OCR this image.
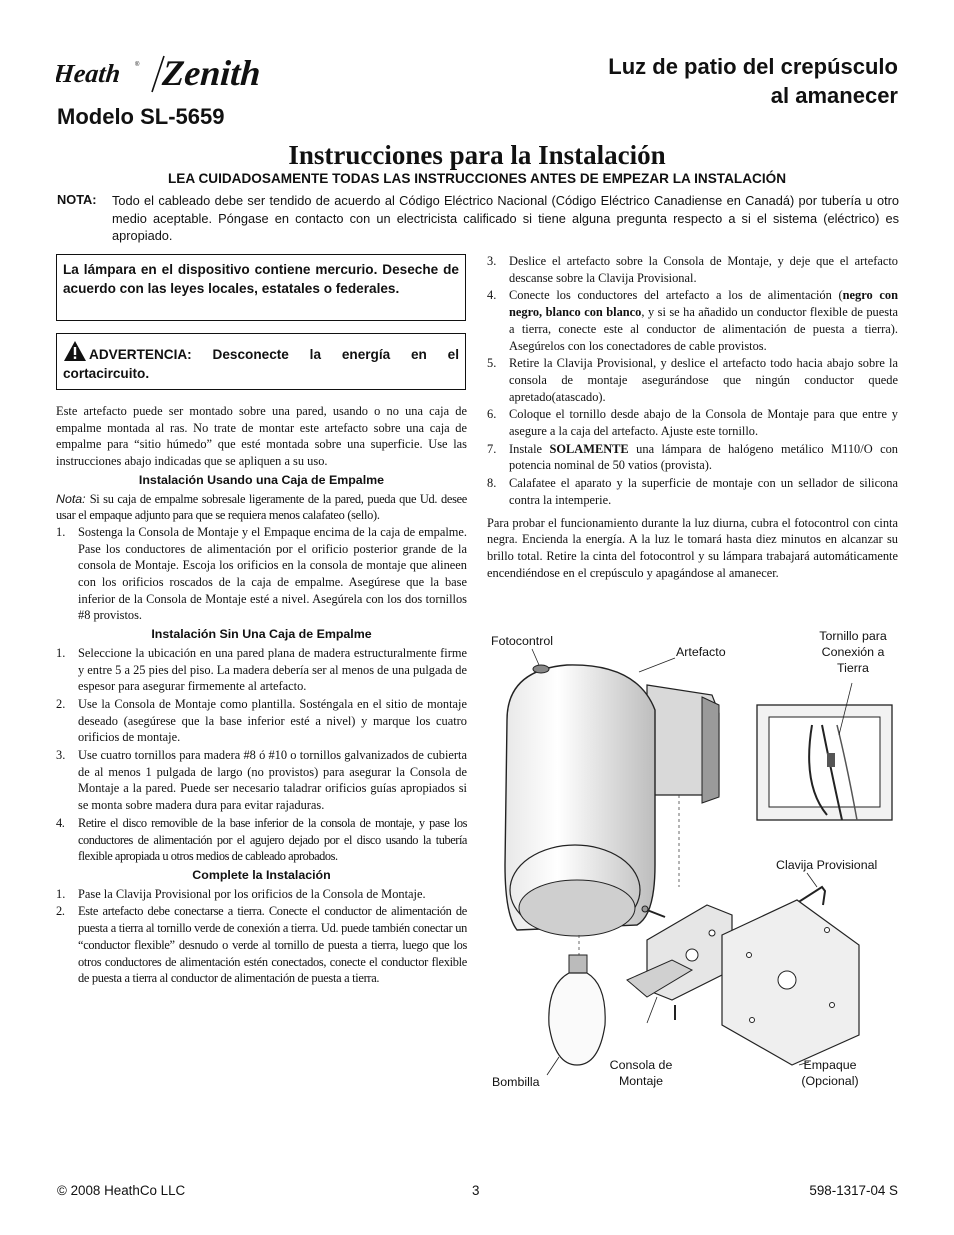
Heath ® Zenith
Modelo SL-5659
Luz de patio del crepúsculo
al amanecer
Instrucciones para la Instalación
LEA CUIDADOSAMENTE TODAS LAS INSTRUCCIONES ANTES DE EMPEZAR LA INSTALACIÓN
NOTA: Todo el cableado debe ser tendido de acuerdo al Código Eléctrico Nacional (Código Eléctrico Canadiense en Canadá) por tubería u otro medio aceptable. Póngase en contacto con un electricista calificado si tiene alguna pregunta respecto a si el sistema (eléctrico) es apropiado.
La lámpara en el dispositivo contiene mercurio. Deseche de acuerdo con las leyes locales, estatales o federales.
ADVERTENCIA: Desconecte la energía en el cortacircuito.

Este artefacto puede ser montado sobre una pared, usando o no una caja de empalme montada al ras. No trate de montar este artefacto sobre una caja de empalme para “sitio húmedo” que esté montada sobre una superficie. Use las instrucciones abajo indicadas que se apliquen a su uso.

Instalación Usando una Caja de Empalme

Nota: Si su caja de empalme sobresale ligeramente de la pared, pueda que Ud. desee usar el empaque adjunto para que se requiera menos calafateo (sello).

1. Sostenga la Consola de Montaje y el Empaque encima de la caja de empalme. Pase los conductores de alimentación por el orificio posterior grande de la consola de Montaje. Escoja los orificios en la consola de montaje que alineen con los orificios roscados de la caja de empalme. Asegúrese que la base inferior de la Consola de Montaje esté a nivel. Asegúrela con los dos tornillos #8 provistos.
Instalación Sin Una Caja de Empalme
1. Seleccione la ubicación en una pared plana de madera estructuralmente firme y entre 5 a 25 pies del piso. La madera debería ser al menos de una pulgada de espesor para asegurar firmemente al artefacto.
2. Use la Consola de Montaje como plantilla. Sosténgala en el sitio de montaje deseado (asegúrese que la base inferior esté a nivel) y marque los cuatro orificios de montaje.
3. Use cuatro tornillos para madera #8 ó #10 o tornillos galvanizados de cubierta de al menos 1 pulgada de largo (no provistos) para asegurar la Consola de Montaje a la pared. Puede ser necesario taladrar orificios guías apropiados si se monta sobre madera dura para evitar rajaduras.
4. Retire el disco removible de la base inferior de la consola de montaje, y pase los conductores de alimentación por el agujero dejado por el disco usando la tubería flexible apropiada u otros medios de cableado aprobados.
Complete la Instalación
1. Pase la Clavija Provisional por los orificios de la Consola de Montaje.
2. Este artefacto debe conectarse a tierra. Conecte el conductor de alimentación de puesta a tierra al tornillo verde de conexión a tierra. Ud. puede también conectar un “conductor flexible” desnudo o verde al tornillo de puesta a tierra, luego que los otros conductores de alimentación estén conectados, conecte el conductor flexible de puesta a tierra al conductor de alimentación de puesta a tierra.
3. Deslice el artefacto sobre la Consola de Montaje, y deje que el artefacto descanse sobre la Clavija Provisional.
4. Conecte los conductores del artefacto a los de alimentación (negro con negro, blanco con blanco, y si se ha añadido un conductor flexible de puesta a tierra, conecte este al conductor de alimentación de puesta a tierra). Asegúrelos con los conectadores de cable provistos.
5. Retire la Clavija Provisional, y deslice el artefacto todo hacia abajo sobre la consola de montaje asegurándose que ningún conductor quede apretado(atascado).
6. Coloque el tornillo desde abajo de la Consola de Montaje para que entre y asegure a la caja del artefacto. Ajuste este tornillo.
7. Instale SOLAMENTE una lámpara de halógeno metálico M110/O con potencia nominal de 50 vatios (provista).
8. Calafatee el aparato y la superficie de montaje con un sellador de silicona contra la intemperie.

Para probar el funcionamiento durante la luz diurna, cubra el fotocontrol con cinta negra. Encienda la energía. A la luz le tomará hasta diez minutos en alcanzar su brillo total. Retire la cinta del fotocontrol y su lámpara trabajará automáticamente encendiéndose en el crepúsculo y apagándose al amanecer.

Fotocontrol
Artefacto
Tornillo para
Conexión a
Tierra
Clavija Provisional
Bombilla
Consola de
Montaje
Empaque
(Opcional)
© 2008 HeathCo LLC	3	598-1317-04 S
